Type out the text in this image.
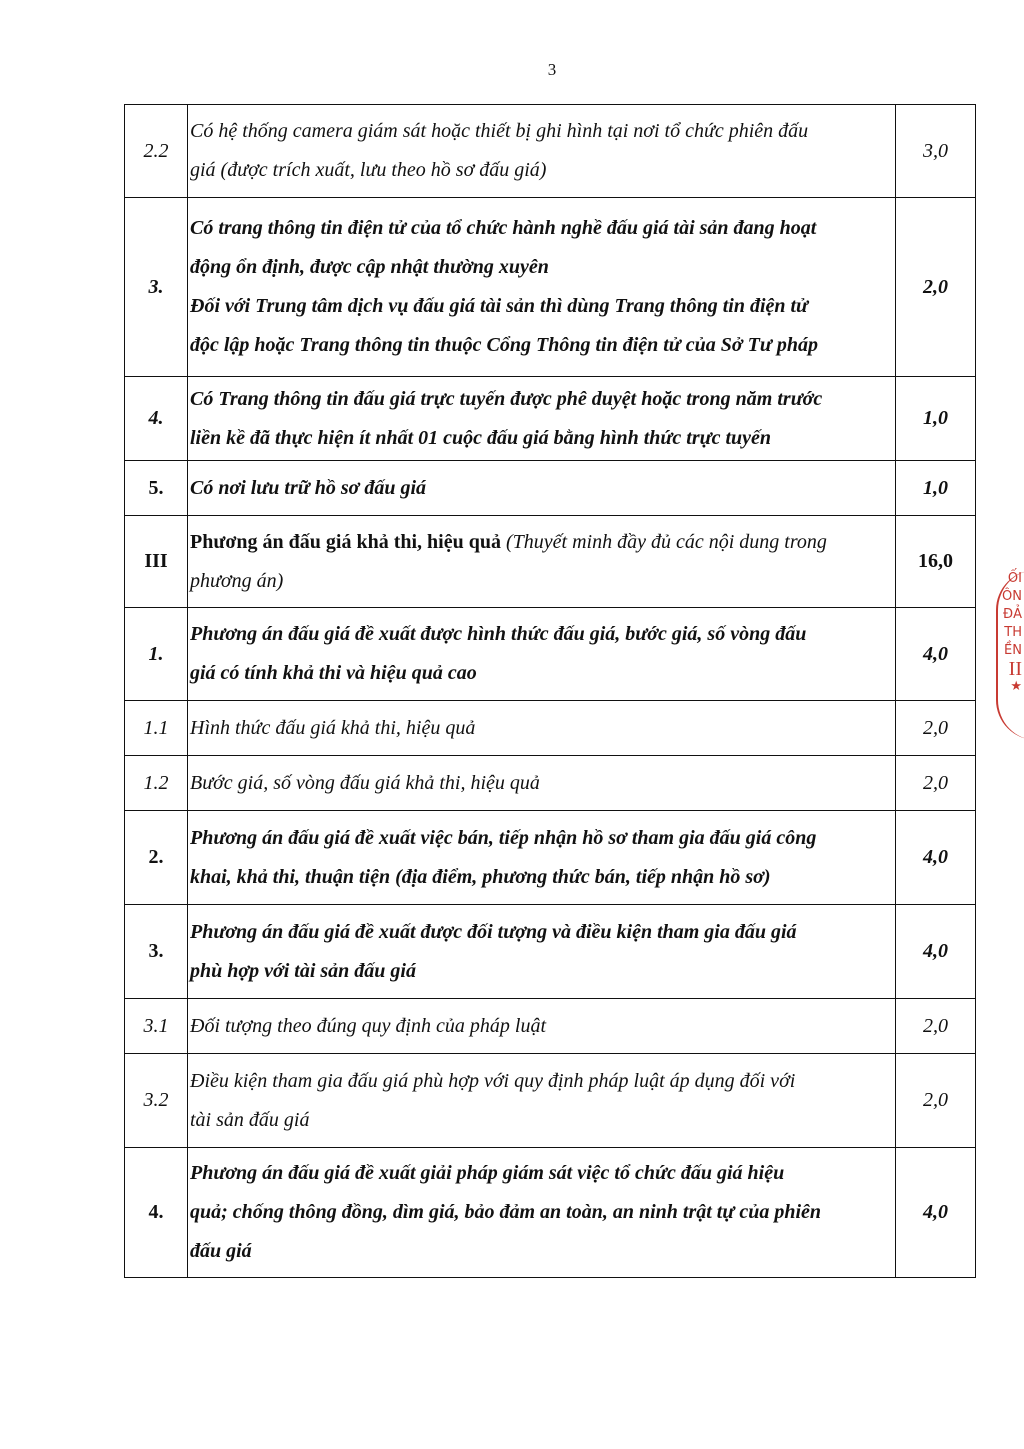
3
2.2	Có hệ thống camera giám sát hoặc thiết bị ghi hình tại nơi tổ chức phiên đấu
giá (được trích xuất, lưu theo hồ sơ đấu giá)	3,0
3.	Có trang thông tin điện tử của tổ chức hành nghề đấu giá tài sản đang hoạt
động ổn định, được cập nhật thường xuyên
Đối với Trung tâm dịch vụ đấu giá tài sản thì dùng Trang thông tin điện tử
độc lập hoặc Trang thông tin thuộc Cổng Thông tin điện tử của Sở Tư pháp	2,0
4.	Có Trang thông tin đấu giá trực tuyến được phê duyệt hoặc trong năm trước
liền kề đã thực hiện ít nhất 01 cuộc đấu giá bằng hình thức trực tuyến	1,0
5.	Có nơi lưu trữ hồ sơ đấu giá	1,0
III	Phương án đấu giá khả thi, hiệu quả (Thuyết minh đầy đủ các nội dung trong
phương án)	16,0
1.	Phương án đấu giá đề xuất được hình thức đấu giá, bước giá, số vòng đấu
giá có tính khả thi và hiệu quả cao	4,0
1.1	Hình thức đấu giá khả thi, hiệu quả	2,0
1.2	Bước giá, số vòng đấu giá khả thi, hiệu quả	2,0
2.	Phương án đấu giá đề xuất việc bán, tiếp nhận hồ sơ tham gia đấu giá công
khai, khả thi, thuận tiện (địa điểm, phương thức bán, tiếp nhận hồ sơ)	4,0
3.	Phương án đấu giá đề xuất được đối tượng và điều kiện tham gia đấu giá
phù hợp với tài sản đấu giá	4,0
3.1	Đối tượng theo đúng quy định của pháp luật	2,0
3.2	Điều kiện tham gia đấu giá phù hợp với quy định pháp luật áp dụng đối với
tài sản đấu giá	2,0
4.	Phương án đấu giá đề xuất giải pháp giám sát việc tổ chức đấu giá hiệu
quả; chống thông đồng, dìm giá, bảo đảm an toàn, an ninh trật tự của phiên
đấu giá	4,0
ỐI
ÔN
ĐẢ
TH
ỀN
II
★
